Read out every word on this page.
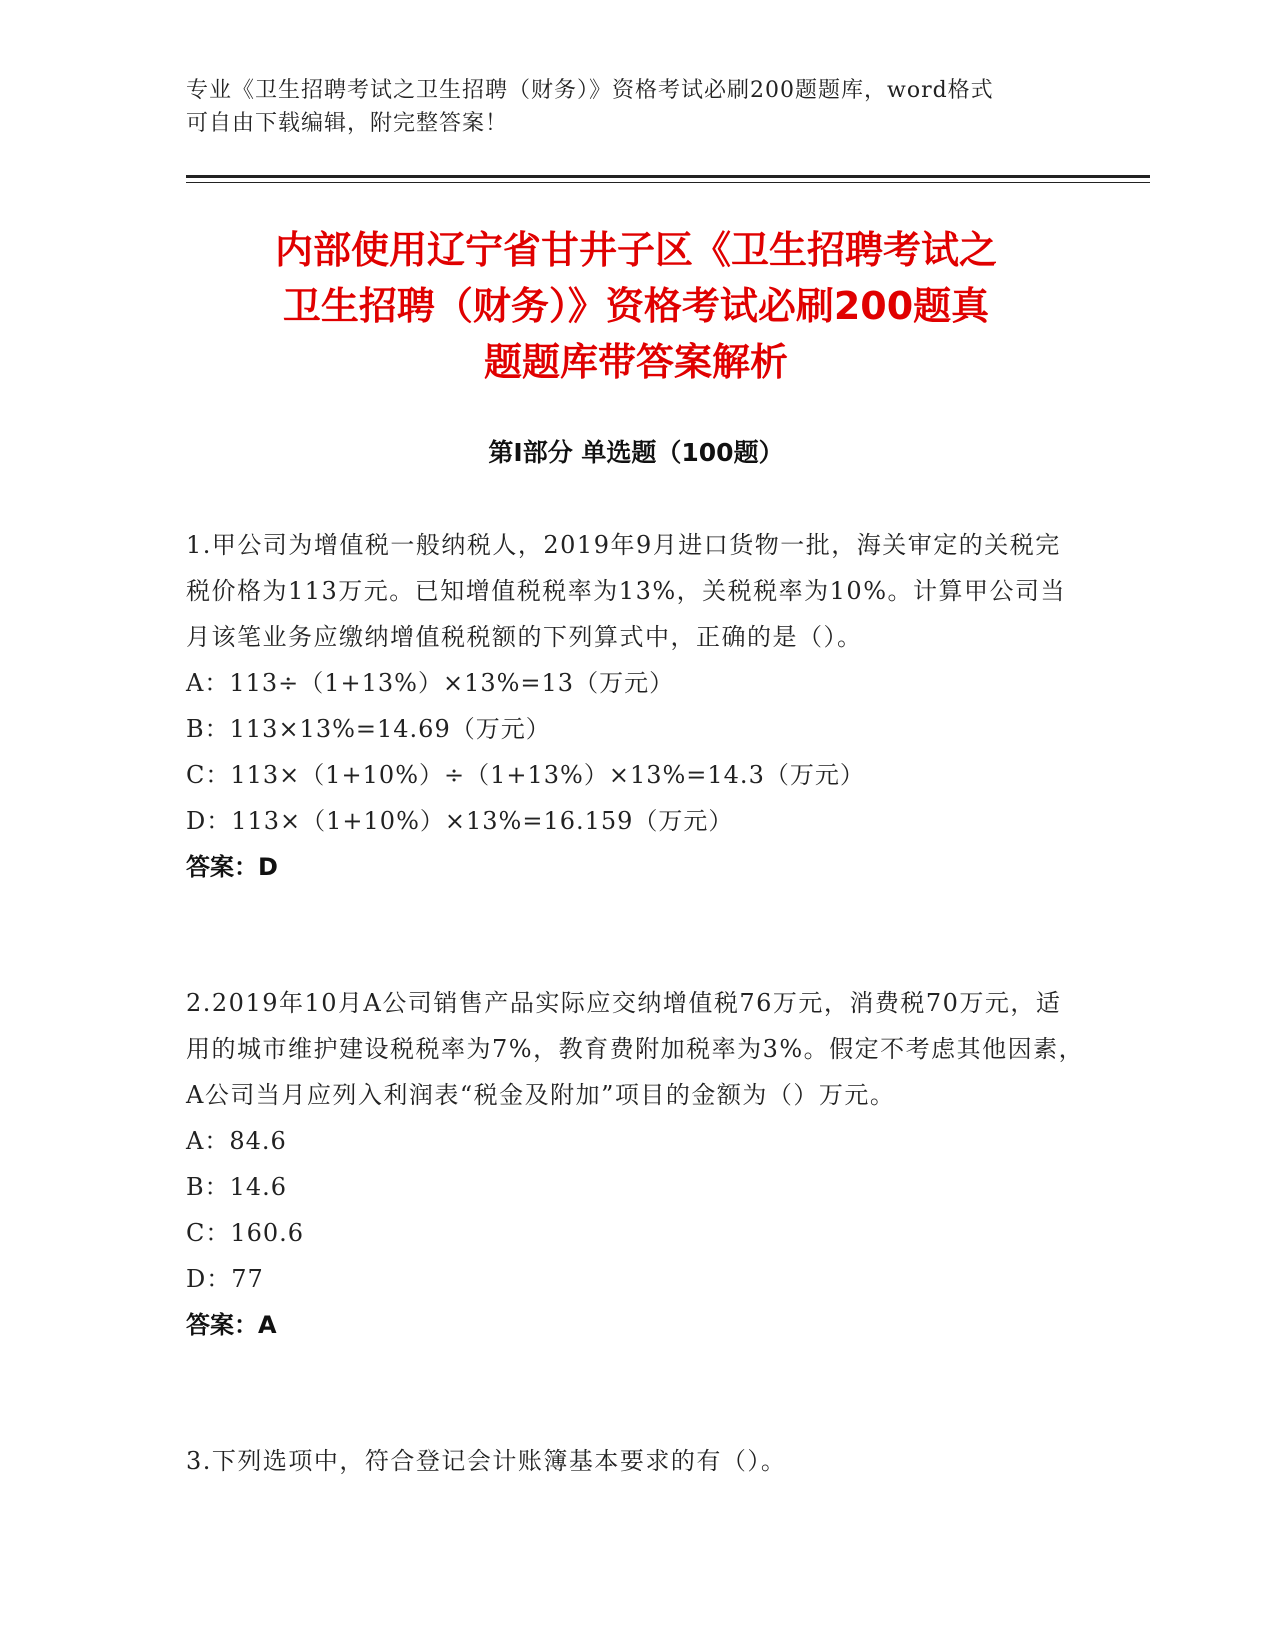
专业《卫生招聘考试之卫生招聘（财务）》资格考试必刷200题题库，word格式
可自由下载编辑，附完整答案！
内部使用辽宁省甘井子区《卫生招聘考试之
卫生招聘（财务）》资格考试必刷200题真
题题库带答案解析
第Ⅰ部分 单选题（100题）

1.甲公司为增值税一般纳税人，2019年9月进口货物一批，海关审定的关税完税价格为113万元。已知增值税税率为13%，关税税率为10%。计算甲公司当月该笔业务应缴纳增值税税额的下列算式中，正确的是（）。

A：113÷（1+13%）×13%=13（万元）

B：113×13%=14.69（万元）

C：113×（1+10%）÷（1+13%）×13%=14.3（万元）

D：113×（1+10%）×13%=16.159（万元）

答案：D

2.2019年10月A公司销售产品实际应交纳增值税76万元，消费税70万元，适用的城市维护建设税税率为7%，教育费附加税率为3%。假定不考虑其他因素，A公司当月应列入利润表“税金及附加”项目的金额为（）万元。

A：84.6

B：14.6

C：160.6

D：77

答案：A

3.下列选项中，符合登记会计账簿基本要求的有（）。
